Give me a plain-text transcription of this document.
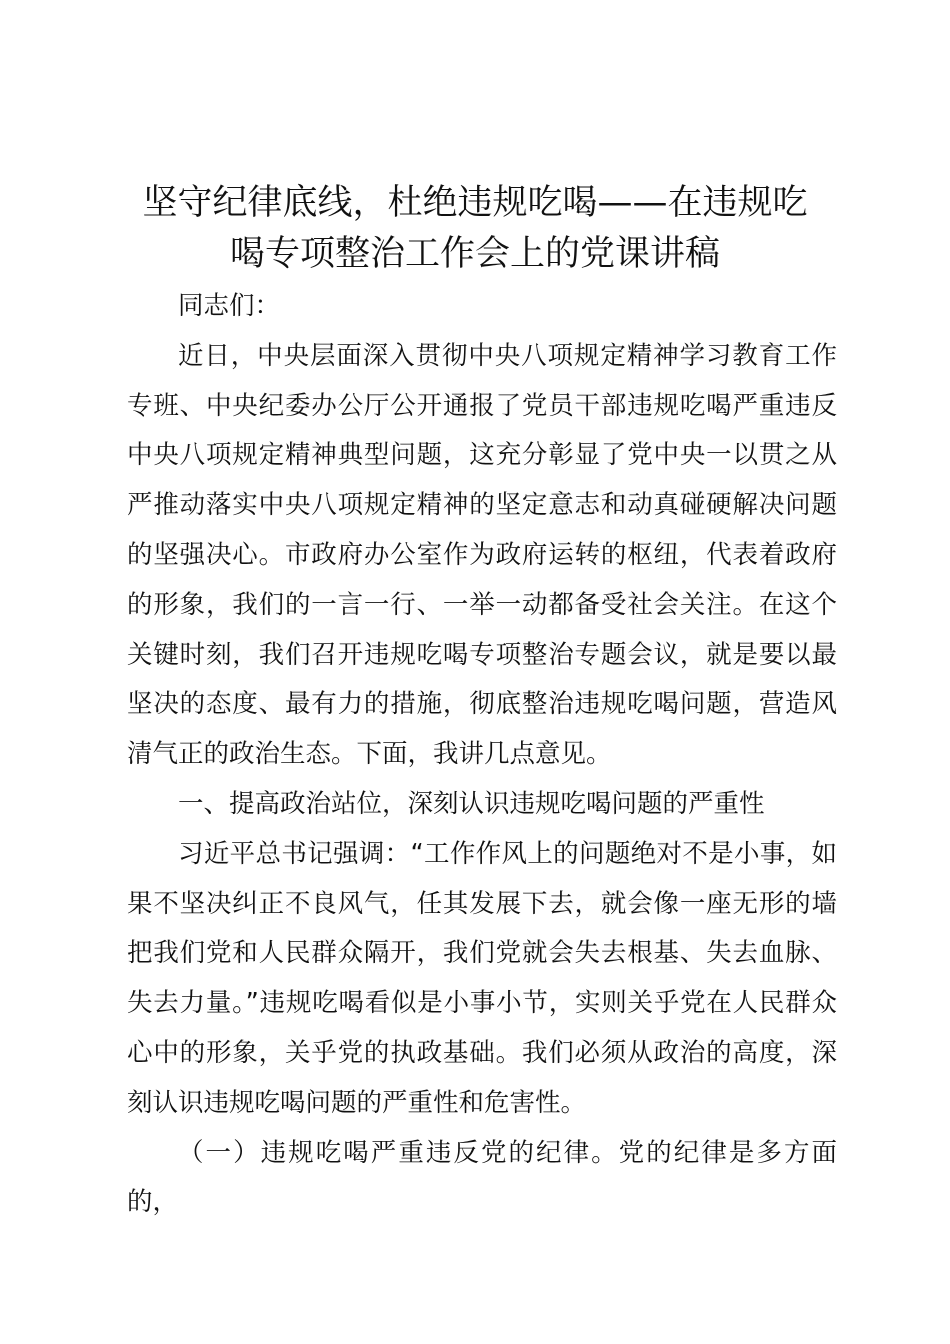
坚守纪律底线，杜绝违规吃喝——在违规吃
喝专项整治工作会上的党课讲稿

同志们：

近日，中央层面深入贯彻中央八项规定精神学习教育工作专班、中央纪委办公厅公开通报了党员干部违规吃喝严重违反中央八项规定精神典型问题，这充分彰显了党中央一以贯之从严推动落实中央八项规定精神的坚定意志和动真碰硬解决问题的坚强决心。市政府办公室作为政府运转的枢纽，代表着政府的形象，我们的一言一行、一举一动都备受社会关注。在这个关键时刻，我们召开违规吃喝专项整治专题会议，就是要以最坚决的态度、最有力的措施，彻底整治违规吃喝问题，营造风清气正的政治生态。下面，我讲几点意见。

一、提高政治站位，深刻认识违规吃喝问题的严重性

习近平总书记强调：“工作作风上的问题绝对不是小事，如果不坚决纠正不良风气，任其发展下去，就会像一座无形的墙把我们党和人民群众隔开，我们党就会失去根基、失去血脉、失去力量。”违规吃喝看似是小事小节，实则关乎党在人民群众心中的形象，关乎党的执政基础。我们必须从政治的高度，深刻认识违规吃喝问题的严重性和危害性。

（一）违规吃喝严重违反党的纪律。党的纪律是多方面的，
